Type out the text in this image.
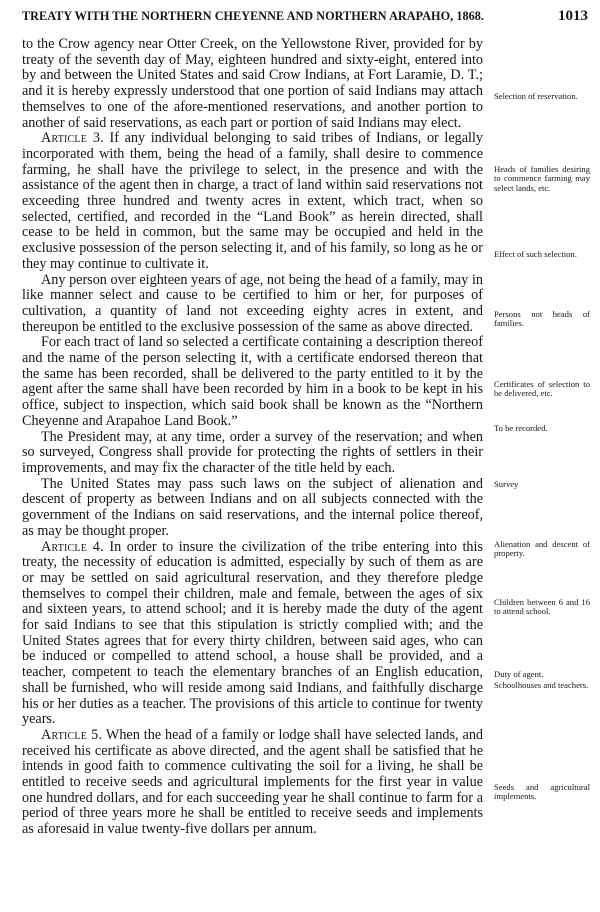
TREATY WITH THE NORTHERN CHEYENNE AND NORTHERN ARAPAHO, 1868.	1013

to the Crow agency near Otter Creek, on the Yellowstone River, provided for by treaty of the seventh day of May, eighteen hundred and sixty-eight, entered into by and between the United States and said Crow Indians, at Fort Laramie, D. T.; and it is hereby expressly understood that one portion of said Indians may attach themselves to one of the afore-mentioned reservations, and another portion to another of said reservations, as each part or portion of said Indians may elect.

Article 3. If any individual belonging to said tribes of Indians, or legally incorporated with them, being the head of a family, shall desire to commence farming, he shall have the privilege to select, in the presence and with the assistance of the agent then in charge, a tract of land within said reservations not exceeding three hundred and twenty acres in extent, which tract, when so selected, certified, and recorded in the “Land Book” as herein directed, shall cease to be held in common, but the same may be occupied and held in the exclusive possession of the person selecting it, and of his family, so long as he or they may continue to cultivate it.

Any person over eighteen years of age, not being the head of a family, may in like manner select and cause to be certified to him or her, for purposes of cultivation, a quantity of land not exceeding eighty acres in extent, and thereupon be entitled to the exclusive possession of the same as above directed.

For each tract of land so selected a certificate containing a description thereof and the name of the person selecting it, with a certificate endorsed thereon that the same has been recorded, shall be delivered to the party entitled to it by the agent after the same shall have been recorded by him in a book to be kept in his office, subject to inspection, which said book shall be known as the “Northern Cheyenne and Arapahoe Land Book.”

The President may, at any time, order a survey of the reservation; and when so surveyed, Congress shall provide for protecting the rights of settlers in their improvements, and may fix the character of the title held by each.

The United States may pass such laws on the subject of alienation and descent of property as between Indians and on all subjects connected with the government of the Indians on said reservations, and the internal police thereof, as may be thought proper.

Article 4. In order to insure the civilization of the tribe entering into this treaty, the necessity of education is admitted, especially by such of them as are or may be settled on said agricultural reservation, and they therefore pledge themselves to compel their children, male and female, between the ages of six and sixteen years, to attend school; and it is hereby made the duty of the agent for said Indians to see that this stipulation is strictly complied with; and the United States agrees that for every thirty children, between said ages, who can be induced or compelled to attend school, a house shall be provided, and a teacher, competent to teach the elementary branches of an English education, shall be furnished, who will reside among said Indians, and faithfully discharge his or her duties as a teacher. The provisions of this article to continue for twenty years.

Article 5. When the head of a family or lodge shall have selected lands, and received his certificate as above directed, and the agent shall be satisfied that he intends in good faith to commence cultivating the soil for a living, he shall be entitled to receive seeds and agricultural implements for the first year in value one hundred dollars, and for each succeeding year he shall continue to farm for a period of three years more he shall be entitled to receive seeds and implements as aforesaid in value twenty-five dollars per annum.

Selection of reservation.
Heads of families desiring to commence farming may select lands, etc.
Effect of such selection.
Persons not heads of families.
Certificates of selection to be delivered, etc.
To be recorded.
Survey
Alienation and descent of property.
Children between 6 and 16 to attend school.
Duty of agent.
Schoolhouses and teachers.
Seeds and agricultural implements.
